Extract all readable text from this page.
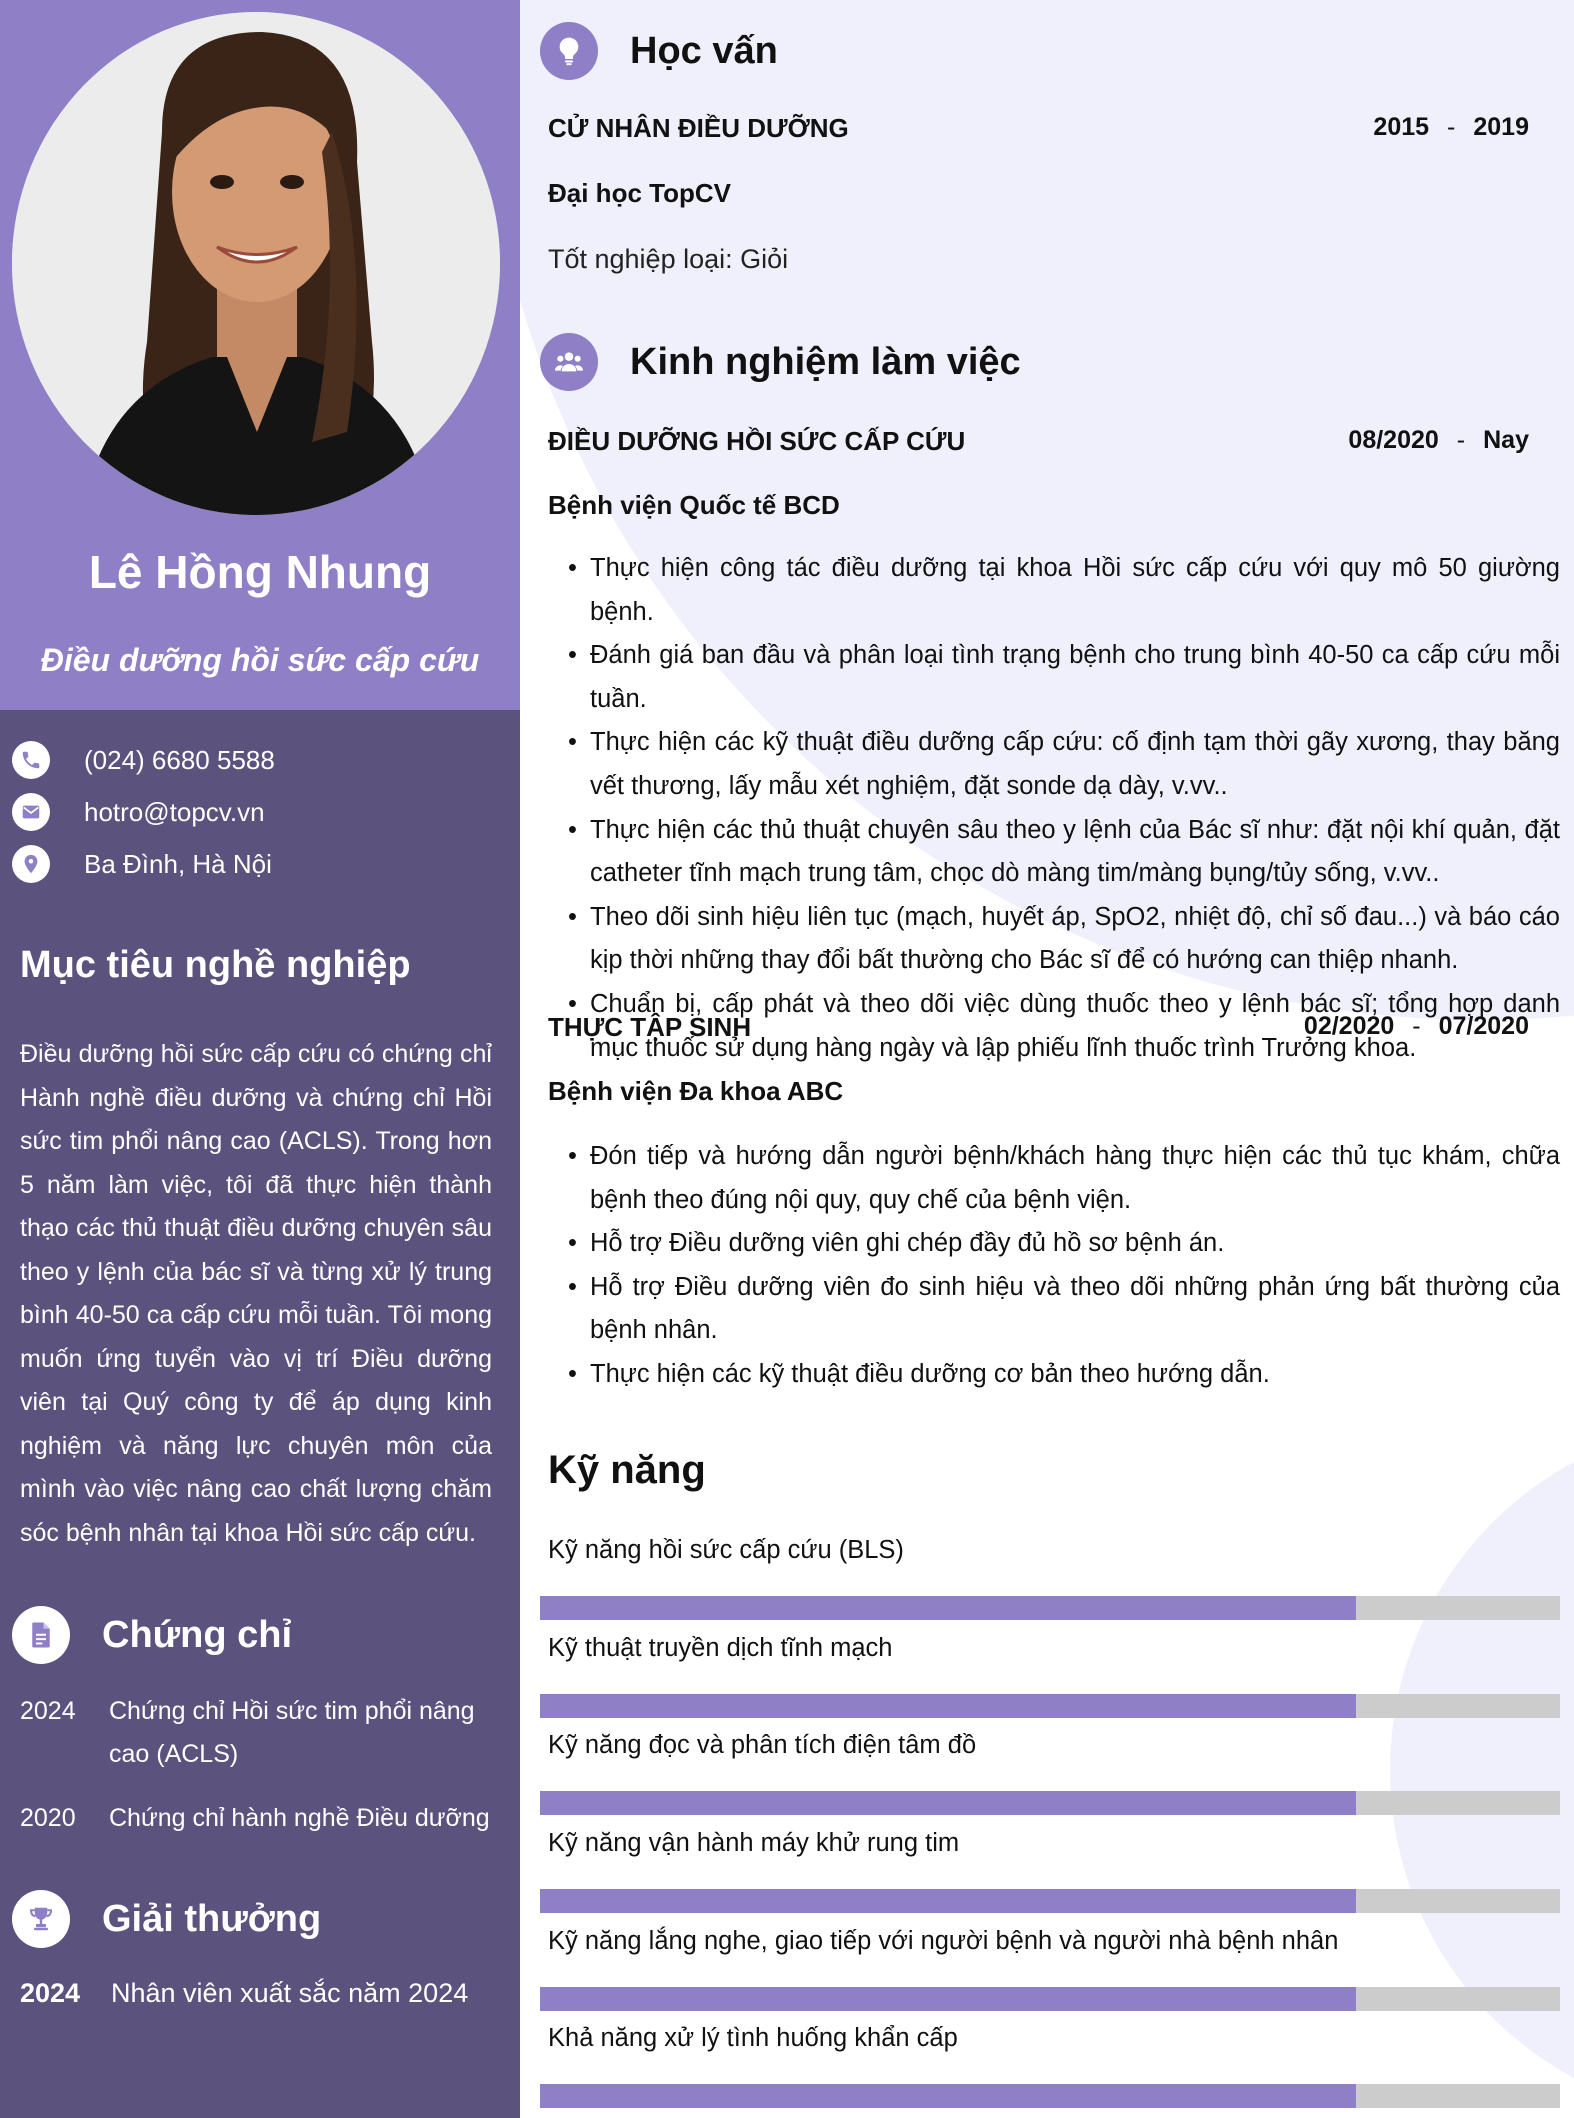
Lê Hồng Nhung
Điều dưỡng hồi sức cấp cứu
(024) 6680 5588
hotro@topcv.vn
Ba Đình, Hà Nội
Mục tiêu nghề nghiệp
Điều dưỡng hồi sức cấp cứu có chứng chỉ Hành nghề điều dưỡng và chứng chỉ Hồi sức tim phổi nâng cao (ACLS). Trong hơn 5 năm làm việc, tôi đã thực hiện thành thạo các thủ thuật điều dưỡng chuyên sâu theo y lệnh của bác sĩ và từng xử lý trung bình 40-50 ca cấp cứu mỗi tuần. Tôi mong muốn ứng tuyển vào vị trí Điều dưỡng viên tại Quý công ty để áp dụng kinh nghiệm và năng lực chuyên môn của mình vào việc nâng cao chất lượng chăm sóc bệnh nhân tại khoa Hồi sức cấp cứu.
Chứng chỉ
2024	Chứng chỉ Hồi sức tim phổi nâng cao (ACLS)
2020	Chứng chỉ hành nghề Điều dưỡng
Giải thưởng
2024	Nhân viên xuất sắc năm 2024
Học vấn
CỬ NHÂN ĐIỀU DƯỠNG	2015 - 2019
Đại học TopCV
Tốt nghiệp loại: Giỏi
Kinh nghiệm làm việc
ĐIỀU DƯỠNG HỒI SỨC CẤP CỨU	08/2020 - Nay
Bệnh viện Quốc tế BCD
• Thực hiện công tác điều dưỡng tại khoa Hồi sức cấp cứu với quy mô 50 giường bệnh.
• Đánh giá ban đầu và phân loại tình trạng bệnh cho trung bình 40-50 ca cấp cứu mỗi tuần.
• Thực hiện các kỹ thuật điều dưỡng cấp cứu: cố định tạm thời gãy xương, thay băng vết thương, lấy mẫu xét nghiệm, đặt sonde dạ dày, v.vv..
• Thực hiện các thủ thuật chuyên sâu theo y lệnh của Bác sĩ như: đặt nội khí quản, đặt catheter tĩnh mạch trung tâm, chọc dò màng tim/màng bụng/tủy sống, v.vv..
• Theo dõi sinh hiệu liên tục (mạch, huyết áp, SpO2, nhiệt độ, chỉ số đau...) và báo cáo kịp thời những thay đổi bất thường cho Bác sĩ để có hướng can thiệp nhanh.
• Chuẩn bị, cấp phát và theo dõi việc dùng thuốc theo y lệnh bác sĩ; tổng hợp danh mục thuốc sử dụng hàng ngày và lập phiếu lĩnh thuốc trình Trưởng khoa.
THỰC TẬP SINH	02/2020 - 07/2020
Bệnh viện Đa khoa ABC
• Đón tiếp và hướng dẫn người bệnh/khách hàng thực hiện các thủ tục khám, chữa bệnh theo đúng nội quy, quy chế của bệnh viện.
• Hỗ trợ Điều dưỡng viên ghi chép đầy đủ hồ sơ bệnh án.
• Hỗ trợ Điều dưỡng viên đo sinh hiệu và theo dõi những phản ứng bất thường của bệnh nhân.
• Thực hiện các kỹ thuật điều dưỡng cơ bản theo hướng dẫn.
Kỹ năng
Kỹ năng hồi sức cấp cứu (BLS)
Kỹ thuật truyền dịch tĩnh mạch
Kỹ năng đọc và phân tích điện tâm đồ
Kỹ năng vận hành máy khử rung tim
Kỹ năng lắng nghe, giao tiếp với người bệnh và người nhà bệnh nhân
Khả năng xử lý tình huống khẩn cấp
